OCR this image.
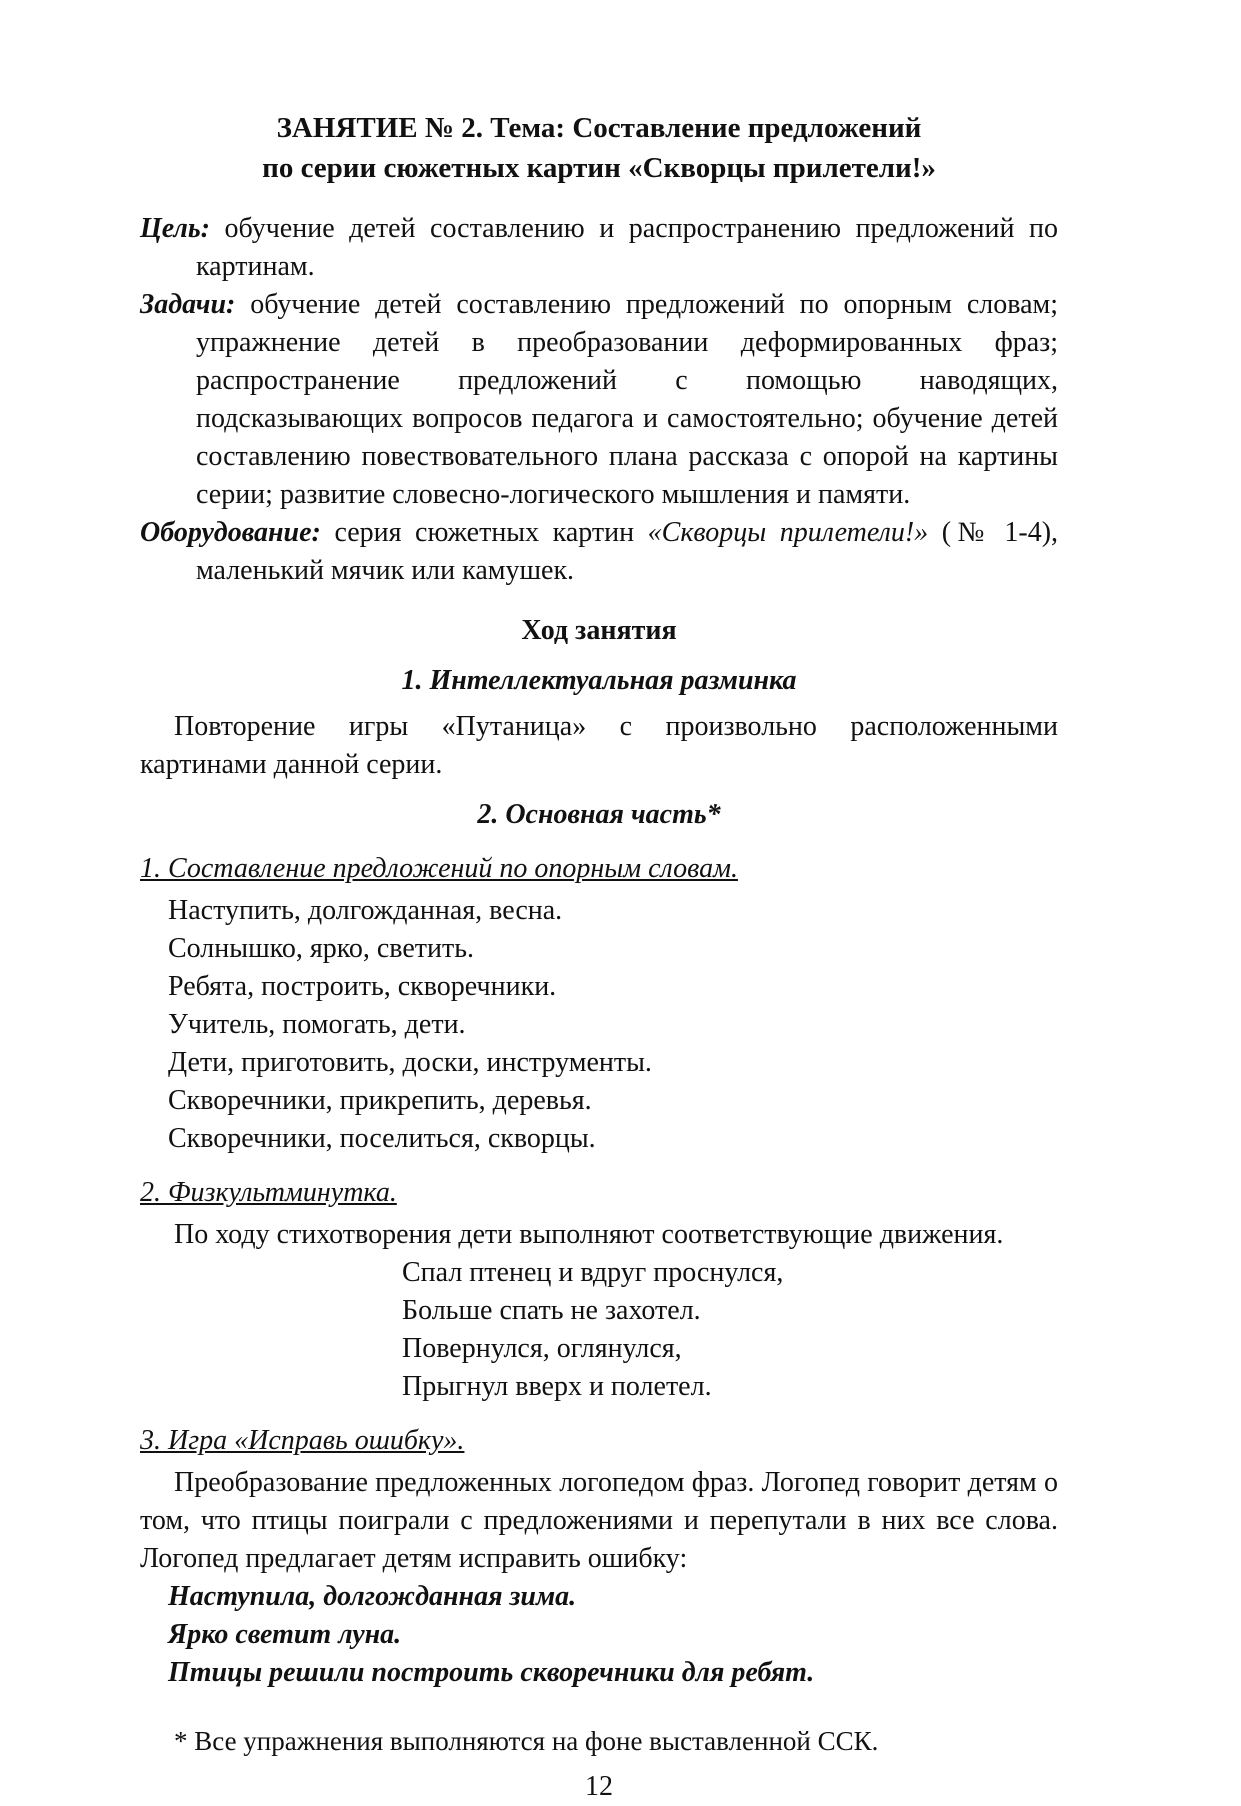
ЗАНЯТИЕ № 2. Тема: Составление предложений
по серии сюжетных картин «Скворцы прилетели!»

Цель: обучение детей составлению и распространению предложений по картинам.

Задачи: обучение детей составлению предложений по опорным словам; упражнение детей в преобразовании деформированных фраз; распространение предложений с помощью наводящих, подсказывающих вопросов педагога и самостоятельно; обучение детей составлению повествовательного плана рассказа с опорой на картины серии; развитие словесно-логического мышления и памяти.

Оборудование: серия сюжетных картин «Скворцы прилетели!» (№ 1-4), маленький мячик или камушек.

Ход занятия
1. Интеллектуальная разминка

Повторение игры «Путаница» с произвольно расположенными картинами данной серии.

2. Основная часть*
1. Составление предложений по опорным словам.
Наступить, долгожданная, весна.
Солнышко, ярко, светить.
Ребята, построить, скворечники.
Учитель, помогать, дети.
Дети, приготовить, доски, инструменты.
Скворечники, прикрепить, деревья.
Скворечники, поселиться, скворцы.
2. Физкультминутка.

По ходу стихотворения дети выполняют соответствующие движения.

Спал птенец и вдруг проснулся,
Больше спать не захотел.
Повернулся, оглянулся,
Прыгнул вверх и полетел.
3. Игра «Исправь ошибку».

Преобразование предложенных логопедом фраз. Логопед говорит детям о том, что птицы поиграли с предложениями и перепутали в них все слова. Логопед предлагает детям исправить ошибку:

Наступила, долгожданная зима.
Ярко светит луна.
Птицы решили построить скворечники для ребят.
* Все упражнения выполняются на фоне выставленной ССК.
12
